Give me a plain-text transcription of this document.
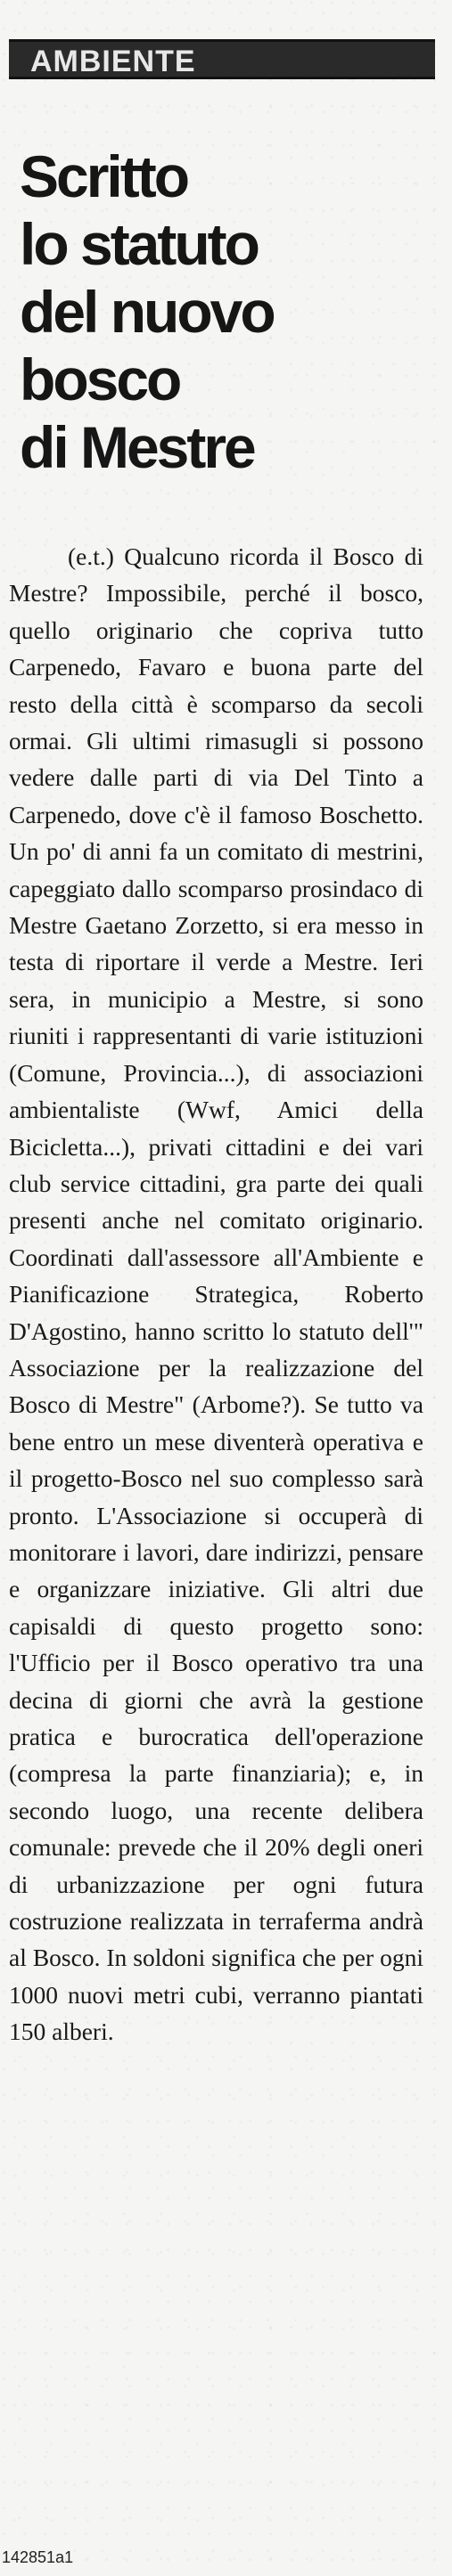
AMBIENTE
Scritto
lo statuto
del nuovo
bosco
di Mestre

(e.t.) Qualcuno ricorda il Bosco di Mestre? Impossibile, perché il bosco, quello originario che copriva tutto Carpenedo, Favaro e buona parte del resto della città è scomparso da secoli ormai. Gli ultimi rimasugli si possono vedere dalle parti di via Del Tinto a Carpenedo, dove c'è il famoso Boschetto. Un po' di anni fa un comitato di mestrini, capeggiato dallo scomparso prosindaco di Mestre Gaetano Zorzetto, si era messo in testa di riportare il verde a Mestre. Ieri sera, in municipio a Mestre, si sono riuniti i rappresentanti di varie istituzioni (Comune, Provincia...), di associazioni ambientaliste (Wwf, Amici della Bicicletta...), privati cittadini e dei vari club service cittadini, gra parte dei quali presenti anche nel comitato originario. Coordinati dall'assessore all'Ambiente e Pianificazione Strategica, Roberto D'Agostino, hanno scritto lo statuto dell'" Associazione per la realizzazione del Bosco di Mestre" (Arbome?). Se tutto va bene entro un mese diventerà operativa e il progetto-Bosco nel suo complesso sarà pronto. L'Associazione si occuperà di monitorare i lavori, dare indirizzi, pensare e organizzare iniziative. Gli altri due capisaldi di questo progetto sono: l'Ufficio per il Bosco operativo tra una decina di giorni che avrà la gestione pratica e burocratica dell'operazione (compresa la parte finanziaria); e, in secondo luogo, una recente delibera comunale: prevede che il 20% degli oneri di urbanizzazione per ogni futura costruzione realizzata in terraferma andrà al Bosco. In soldoni significa che per ogni 1000 nuovi metri cubi, verranno piantati 150 alberi.

142851a1
